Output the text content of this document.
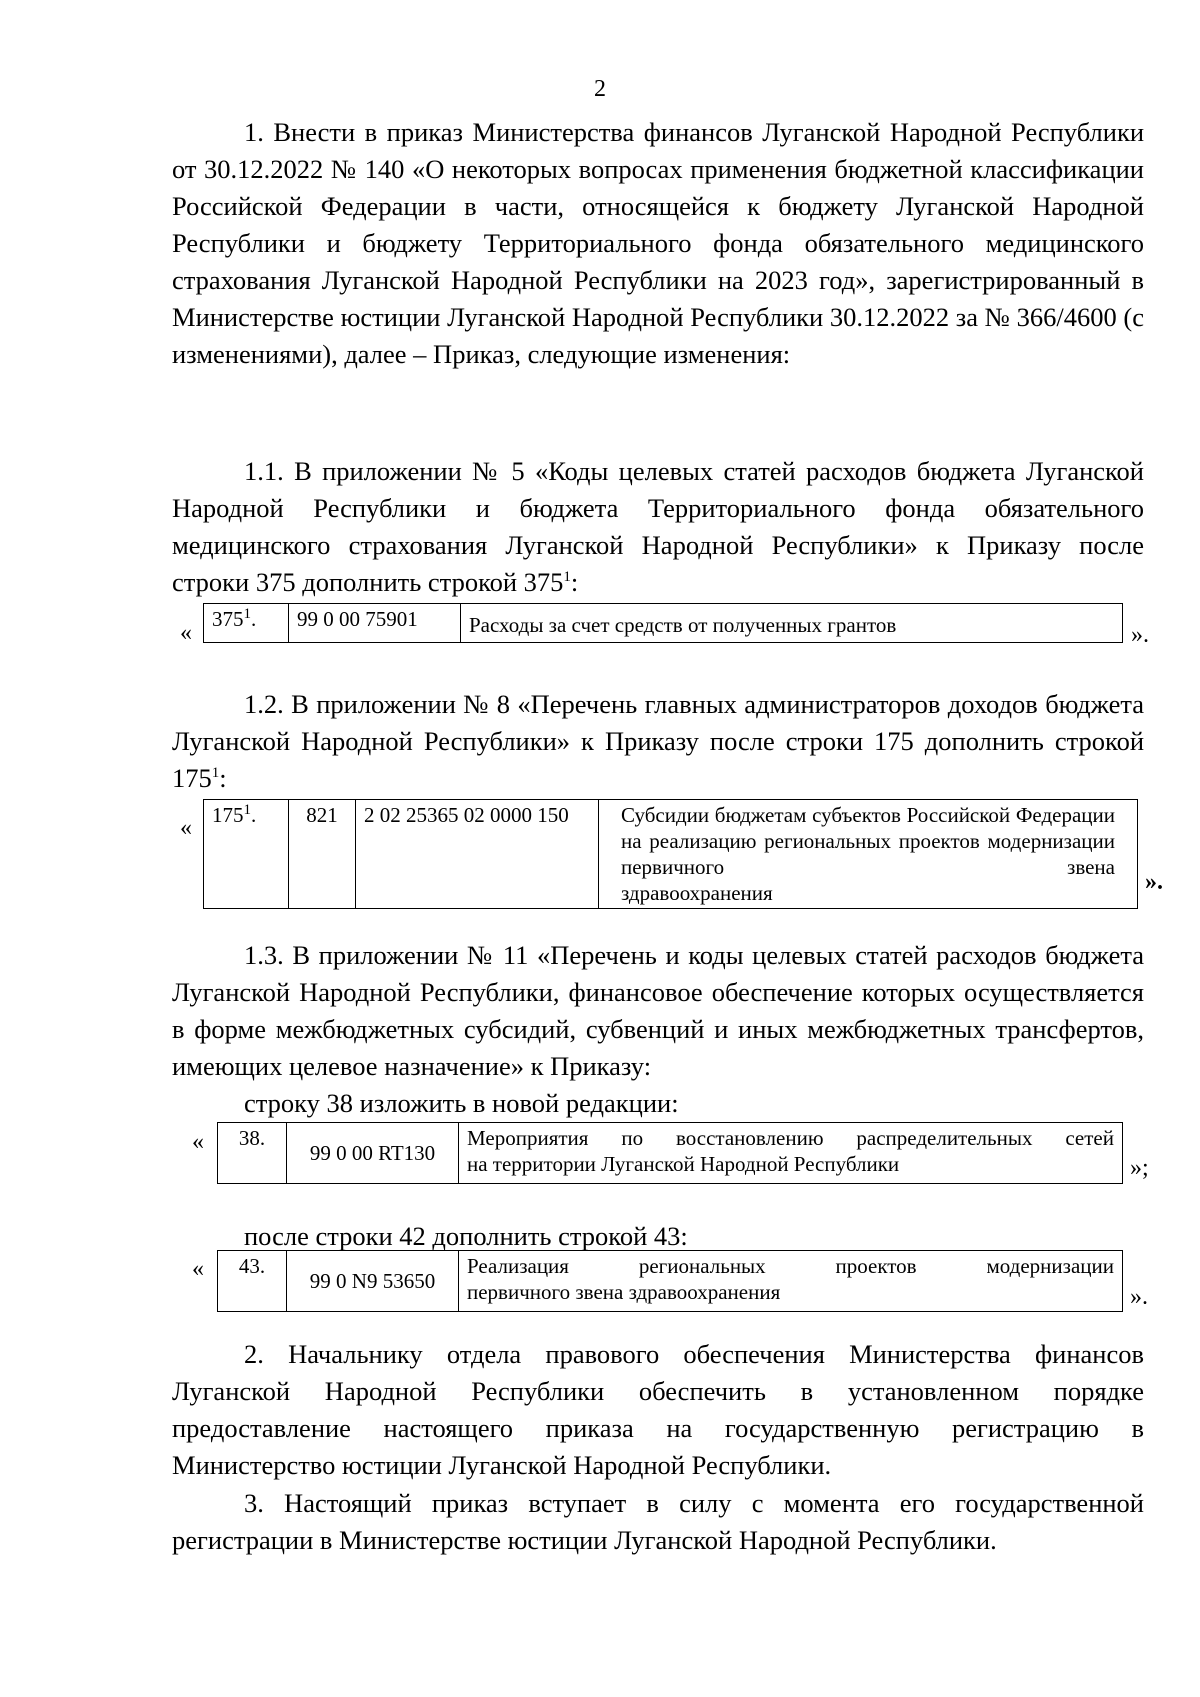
2
1. Внести в приказ Министерства финансов Луганской Народной Республики от 30.12.2022 № 140 «О некоторых вопросах применения бюджетной классификации Российской Федерации в части, относящейся к бюджету Луганской Народной Республики и бюджету Территориального фонда обязательного медицинского страхования Луганской Народной Республики на 2023 год», зарегистрированный в Министерстве юстиции Луганской Народной Республики 30.12.2022 за № 366/4600 (с изменениями), далее – Приказ, следующие изменения:
1.1. В приложении № 5 «Коды целевых статей расходов бюджета Луганской Народной Республики и бюджета Территориального фонда обязательного медицинского страхования Луганской Народной Республики» к Приказу после строки 375 дополнить строкой $375^1$:
«
$375^1$.	99 0 00 75901	Расходы за счет средств от полученных грантов	».
1.2. В приложении № 8 «Перечень главных администраторов доходов бюджета Луганской Народной Республики» к Приказу после строки 175 дополнить строкой $175^1$:
« $175^1$.	821	2 02 25365 02 0000 150	Субсидии бюджетам субъектов Российской Федерации на реализацию региональных проектов модернизации первичного звена
здравоохранения	».
1.3. В приложении № 11 «Перечень и коды целевых статей расходов бюджета Луганской Народной Республики, финансовое обеспечение которых осуществляется в форме межбюджетных субсидий, субвенций и иных межбюджетных трансфертов, имеющих целевое назначение» к Приказу:
строку 38 изложить в новой редакции:
« 38.	99 0 00 RT130	Мероприятия по восстановлению распределительных сетей
на территории Луганской Народной Республики	»;
после строки 42 дополнить строкой 43:
« 43.	99 0 N9 53650	Реализация региональных проектов модернизации
первичного звена здравоохранения	».
2. Начальнику отдела правового обеспечения Министерства финансов Луганской Народной Республики обеспечить в установленном порядке предоставление настоящего приказа на государственную регистрацию в Министерство юстиции Луганской Народной Республики.
3. Настоящий приказ вступает в силу с момента его государственной регистрации в Министерстве юстиции Луганской Народной Республики.
